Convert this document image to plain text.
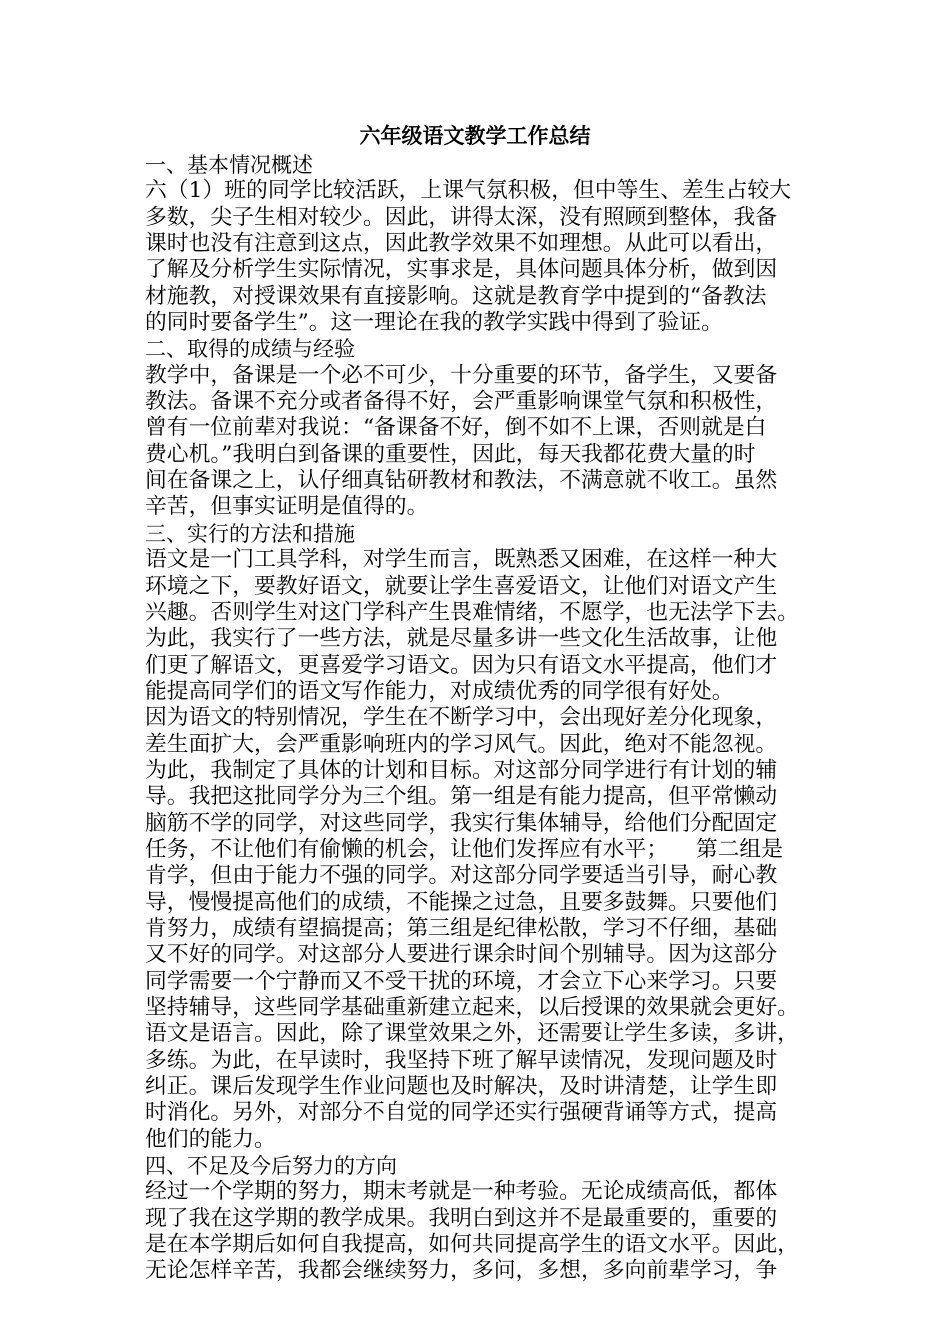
六年级语文教学工作总结
一、基本情况概述
六（1）班的同学比较活跃，上课气氛积极，但中等生、差生占较大
多数，尖子生相对较少。因此，讲得太深，没有照顾到整体，我备
课时也没有注意到这点，因此教学效果不如理想。从此可以看出，
了解及分析学生实际情况，实事求是，具体问题具体分析，做到因
材施教，对授课效果有直接影响。这就是教育学中提到的“备教法
的同时要备学生”。这一理论在我的教学实践中得到了验证。
二、取得的成绩与经验
教学中，备课是一个必不可少，十分重要的环节，备学生，又要备
教法。备课不充分或者备得不好，会严重影响课堂气氛和积极性，
曾有一位前辈对我说：“备课备不好，倒不如不上课，否则就是白
费心机。”我明白到备课的重要性，因此，每天我都花费大量的时
间在备课之上，认仔细真钻研教材和教法，不满意就不收工。虽然
辛苦，但事实证明是值得的。
三、实行的方法和措施
语文是一门工具学科，对学生而言，既熟悉又困难，在这样一种大
环境之下，要教好语文，就要让学生喜爱语文，让他们对语文产生
兴趣。否则学生对这门学科产生畏难情绪，不愿学，也无法学下去。
为此，我实行了一些方法，就是尽量多讲一些文化生活故事，让他
们更了解语文，更喜爱学习语文。因为只有语文水平提高，他们才
能提高同学们的语文写作能力，对成绩优秀的同学很有好处。
因为语文的特别情况，学生在不断学习中，会出现好差分化现象，
差生面扩大，会严重影响班内的学习风气。因此，绝对不能忽视。
为此，我制定了具体的计划和目标。对这部分同学进行有计划的辅
导。我把这批同学分为三个组。第一组是有能力提高，但平常懒动
脑筋不学的同学，对这些同学，我实行集体辅导，给他们分配固定
任务，不让他们有偷懒的机会，让他们发挥应有水平；    第二组是
肯学，但由于能力不强的同学。对这部分同学要适当引导，耐心教
导，慢慢提高他们的成绩，不能操之过急，且要多鼓舞。只要他们
肯努力，成绩有望搞提高；第三组是纪律松散，学习不仔细，基础
又不好的同学。对这部分人要进行课余时间个别辅导。因为这部分
同学需要一个宁静而又不受干扰的环境，才会立下心来学习。只要
坚持辅导，这些同学基础重新建立起来，以后授课的效果就会更好。
语文是语言。因此，除了课堂效果之外，还需要让学生多读，多讲，
多练。为此，在早读时，我坚持下班了解早读情况，发现问题及时
纠正。课后发现学生作业问题也及时解决，及时讲清楚，让学生即
时消化。另外，对部分不自觉的同学还实行强硬背诵等方式，提高
他们的能力。
四、不足及今后努力的方向
经过一个学期的努力，期末考就是一种考验。无论成绩高低，都体
现了我在这学期的教学成果。我明白到这并不是最重要的，重要的
是在本学期后如何自我提高，如何共同提高学生的语文水平。因此，
无论怎样辛苦，我都会继续努力，多问，多想，多向前辈学习，争
